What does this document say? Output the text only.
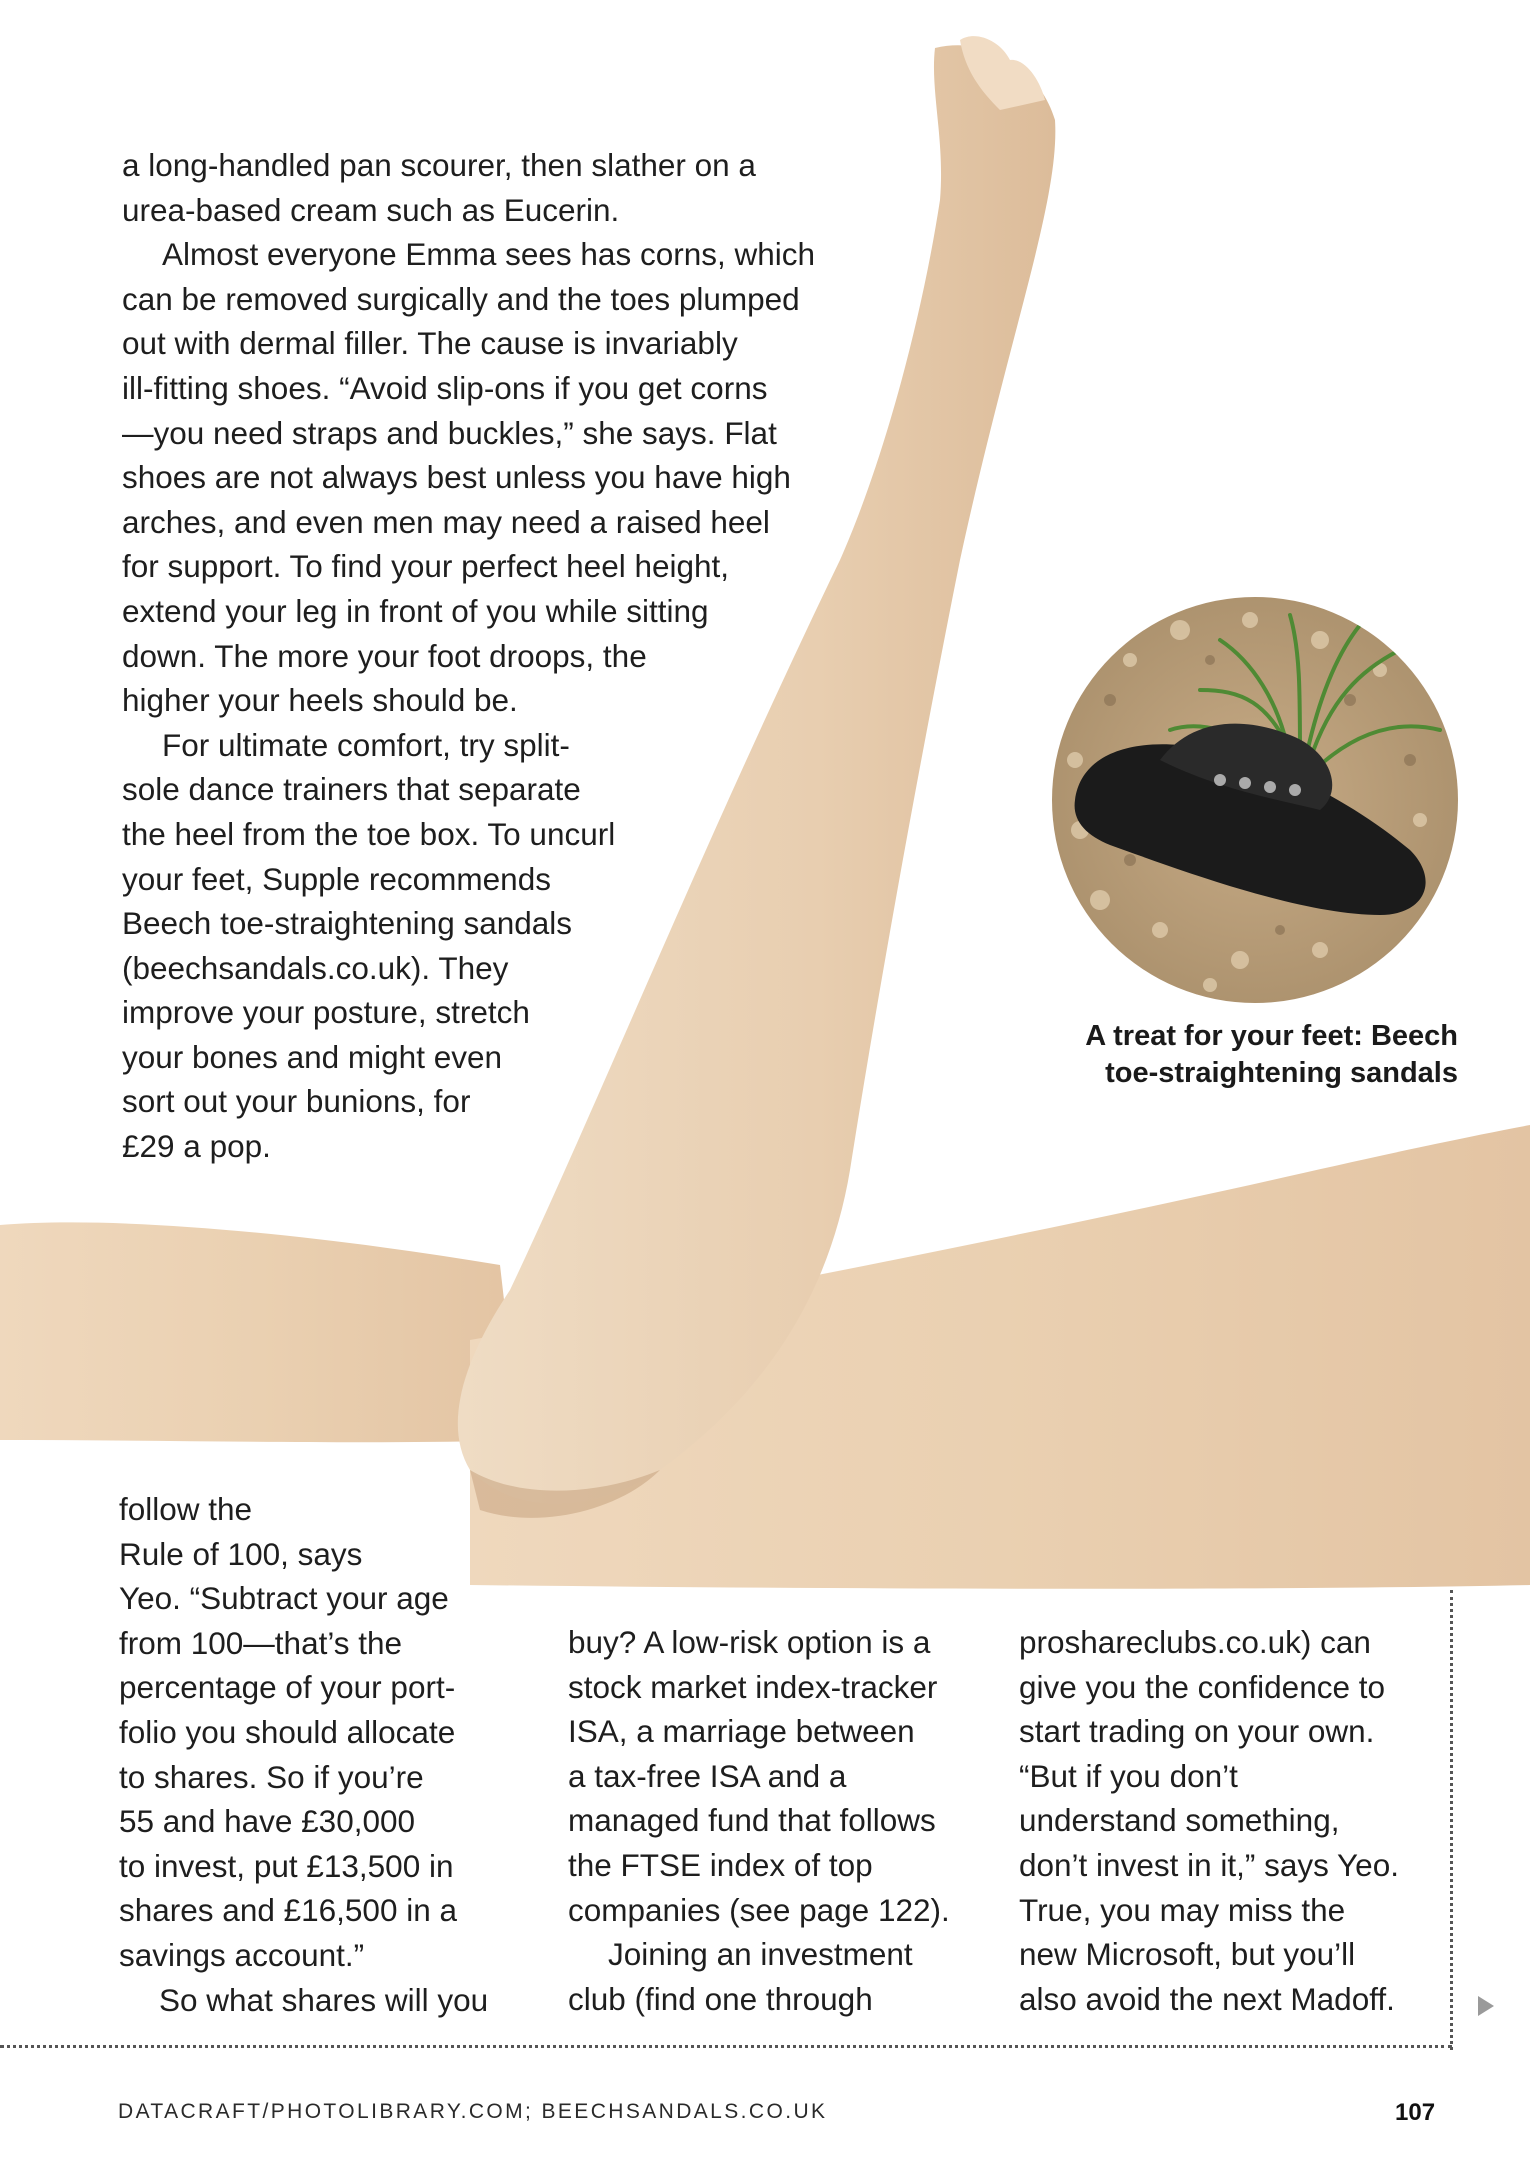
a long-handled pan scourer, then slather on a

urea-based cream such as Eucerin.

Almost everyone Emma sees has corns, which

can be removed surgically and the toes plumped

out with dermal filler. The cause is invariably

ill-fitting shoes. “Avoid slip-ons if you get corns

—you need straps and buckles,” she says. Flat

shoes are not always best unless you have high

arches, and even men may need a raised heel

for support. To find your perfect heel height,

extend your leg in front of you while sitting

down. The more your foot droops, the

higher your heels should be.

For ultimate comfort, try split-

sole dance trainers that separate

the heel from the toe box. To uncurl

your feet, Supple recommends

Beech toe-straightening sandals

(beechsandals.co.uk). They

improve your posture, stretch

your bones and might even

sort out your bunions, for

£29 a pop.

A treat for your feet: Beech
toe-straightening sandals

follow the

Rule of 100, says

Yeo. “Subtract your age

from 100—that’s the

percentage of your port-

folio you should allocate

to shares. So if you’re

55 and have £30,000

to invest, put £13,500 in

shares and £16,500 in a

savings account.”

So what shares will you

buy? A low-risk option is a

stock market index-tracker

ISA, a marriage between

a tax-free ISA and a

managed fund that follows

the FTSE index of top

companies (see page 122).

Joining an investment

club (find one through

proshareclubs.co.uk) can

give you the confidence to

start trading on your own.

“But if you don’t

understand something,

don’t invest in it,” says Yeo.

True, you may miss the

new Microsoft, but you’ll

also avoid the next Madoff.

DATACRAFT/PHOTOLIBRARY.COM; BEECHSANDALS.CO.UK	107
